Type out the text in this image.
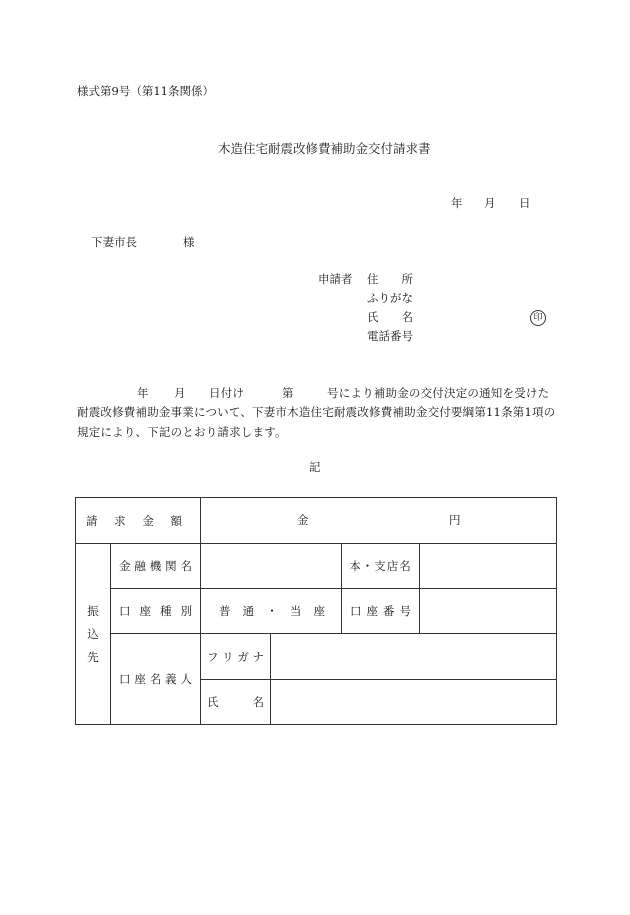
様式第9号（第11条関係）
木造住宅耐震改修費補助金交付請求書
年 月 日
下妻市長	様
申請者 住　　所
ふりがな
氏　　名	印
電話番号
年 月 日付け	第	号により補助金の交付決定の通知を受けた
耐震改修費補助金事業について、下妻市木造住宅耐震改修費補助金交付要綱第11条第1項の
規定により、下記のとおり請求します。
記
請 求 金 額		金 円			

振
込
先	金 融 機 関 名			本・支店名	

	口 座 種 別	普 通 ・ 当 座		口 座 番 号	

	口 座 名 義 人	フ リ ガ ナ			

		氏 名			
